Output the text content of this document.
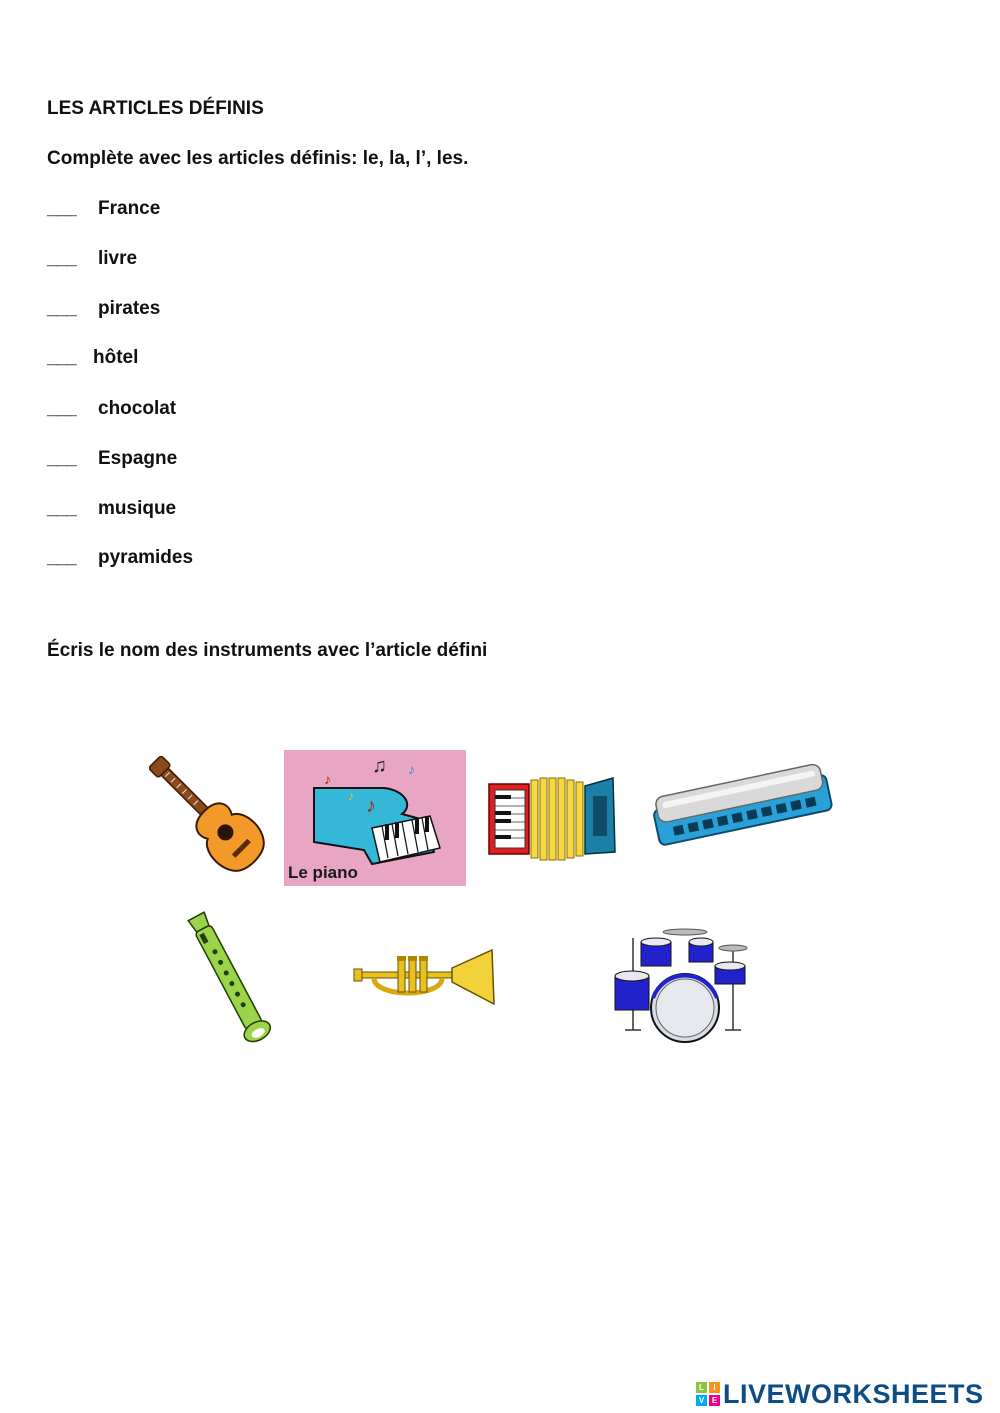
LES ARTICLES DÉFINIS
Complète avec les articles définis: le, la, l’, les.
___ France
___ livre
___ pirates
___ hôtel
___ chocolat
___ Espagne
___ musique
___ pyramides
Écris le nom des instruments avec l’article défini
♫
♪
♪
♪
♪
Le piano
L	I
V E LIVEWORKSHEETS
